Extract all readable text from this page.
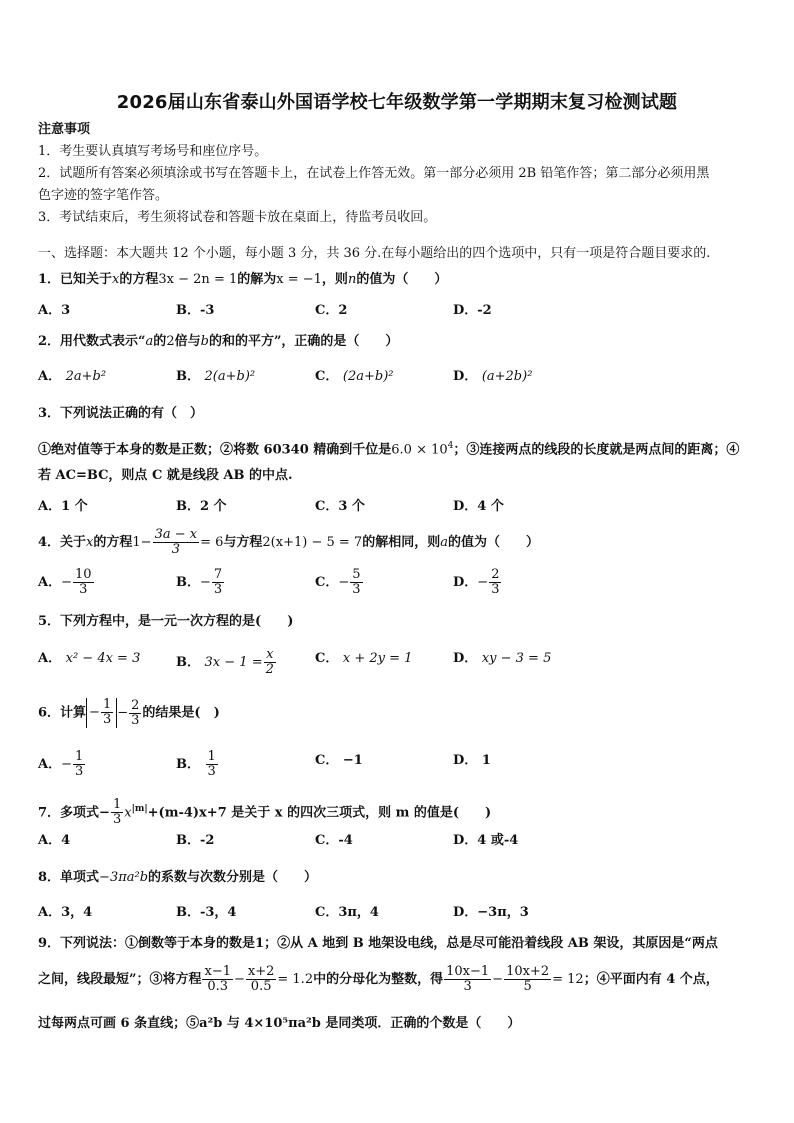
2026届山东省泰山外国语学校七年级数学第一学期期末复习检测试题
注意事项
1．考生要认真填写考场号和座位序号。
2．试题所有答案必须填涂或书写在答题卡上，在试卷上作答无效。第一部分必须用 2B 铅笔作答；第二部分必须用黑
色字迹的签字笔作答。
3．考试结束后，考生须将试卷和答题卡放在桌面上，待监考员收回。
一、选择题：本大题共 12 个小题，每小题 3 分，共 36 分.在每小题给出的四个选项中，只有一项是符合题目要求的.
1．已知关于x的方程3x − 2n = 1的解为x = −1，则n的值为（　　）
A．3	B．-3	C．2	D．-2
2．用代数式表示“a的2倍与b的和的平方”，正确的是（　　）
A． 2a+b²	B． 2(a+b)²	C． (2a+b)²	D． (a+2b)²
3．下列说法正确的有（　）
①绝对值等于本身的数是正数；②将数 60340 精确到千位是$6.0 \times 10^4$；③连接两点的线段的长度就是两点间的距离；④
若 AC=BC，则点 C 就是线段 AB 的中点.
A．1 个	B．2 个	C．3 个	D．4 个
4．关于x的方程$1- \frac{3a - x}{3} = 6$与方程2(x+1) − 5 = 7的解相同，则a的值为（　　）
A．− $\frac{10}{3}$	B．− $\frac{7}{3}$	C．− $\frac{5}{3}$	D．− $\frac{2}{3}$
5．下列方程中，是一元一次方程的是(　　)
A． x² − 4x = 3	B． $3x - 1 = \frac{x}{2}$	C． x + 2y = 1	D． xy − 3 = 5
6．计算 − $\frac{1}{3} - \frac{2}{3}$ 的结果是(　)
A．− $\frac{1}{3}$	B． $\frac{1}{3}$	C． −1	D． 1
7．多项式− $\frac{1}{3} x^{|m|}+(m-4)x+7$ 是关于 x 的四次三项式，则 m 的值是(　　)
A．4	B．-2	C．-4	D．4 或-4
8．单项式−3πa²b的系数与次数分别是（　　）
A．3，4	B．-3，4	C．3π，4	D．−3π，3
9．下列说法：①倒数等于本身的数是1；②从 A 地到 B 地架设电线，总是尽可能沿着线段 AB 架设，其原因是“两点
之间，线段最短”；③将方程 $\frac{x-1}{0.3} - \frac{x+2}{0.5} = 1.2$中的分母化为整数，得 $\frac{10x-1}{3} - \frac{10x+2}{5} = 12$；④平面内有 4 个点，
过每两点可画 6 条直线；⑤a²b 与 4×10⁵πa²b 是同类项．正确的个数是（　　）
